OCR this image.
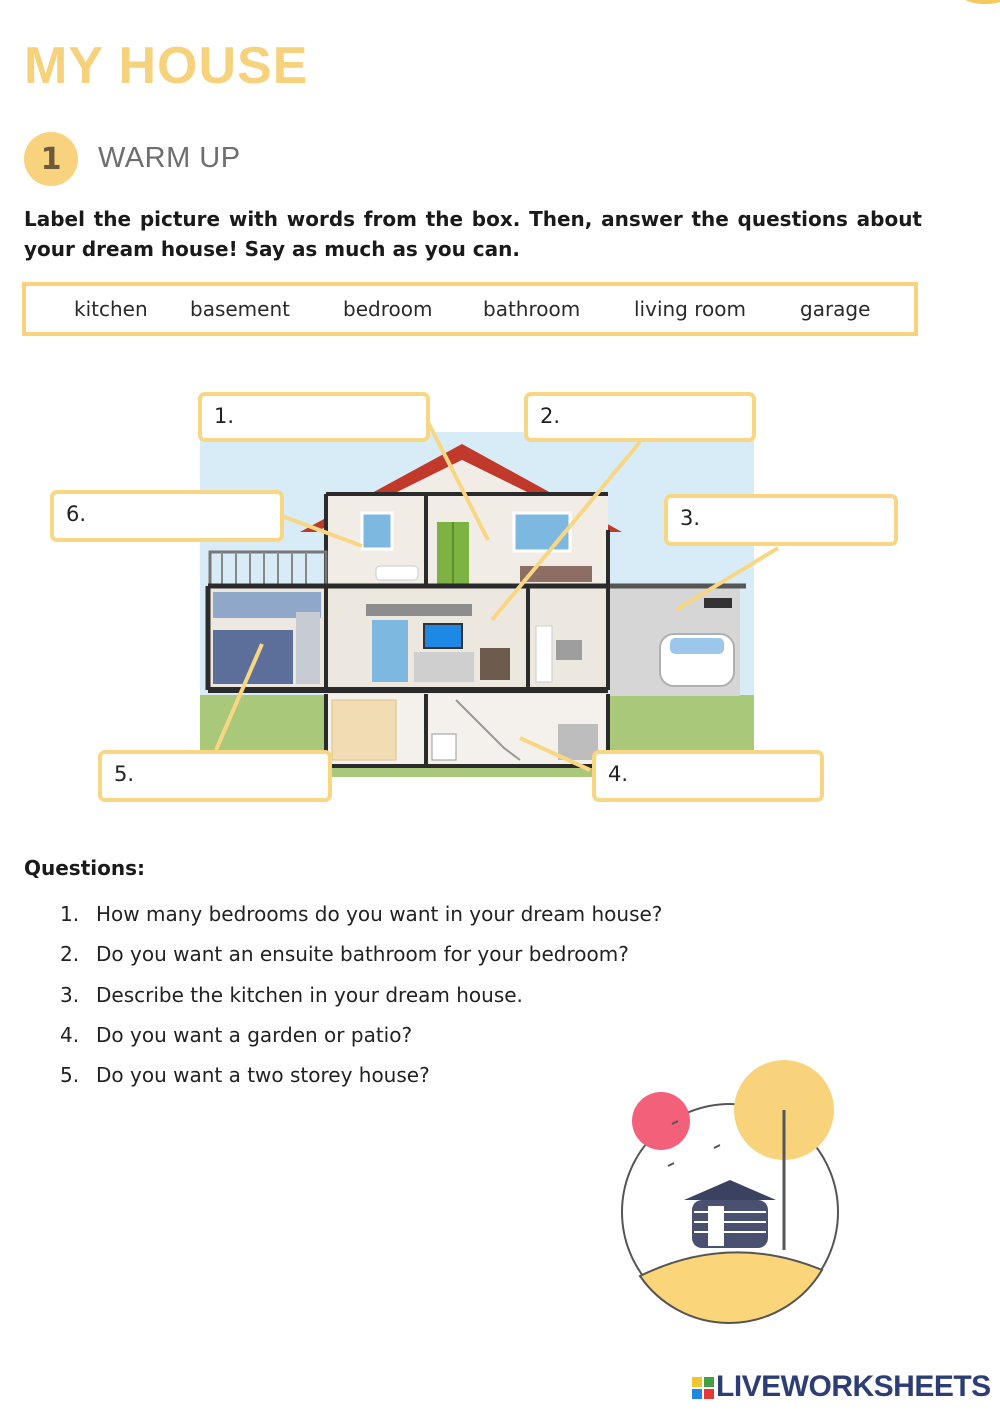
MY HOUSE
1	WARM UP

Label the picture with words from the box. Then, answer the questions about your dream house! Say as much as you can.

kitchen basement	bedroom	bathroom	living room	garage
1.	2.
3.
4.
5.
6.

Questions:

1. How many bedrooms do you want in your dream house?
2. Do you want an ensuite bathroom for your bedroom?
3. Describe the kitchen in your dream house.
4. Do you want a garden or patio?
5. Do you want a two storey house?
LIVEWORKSHEETS
